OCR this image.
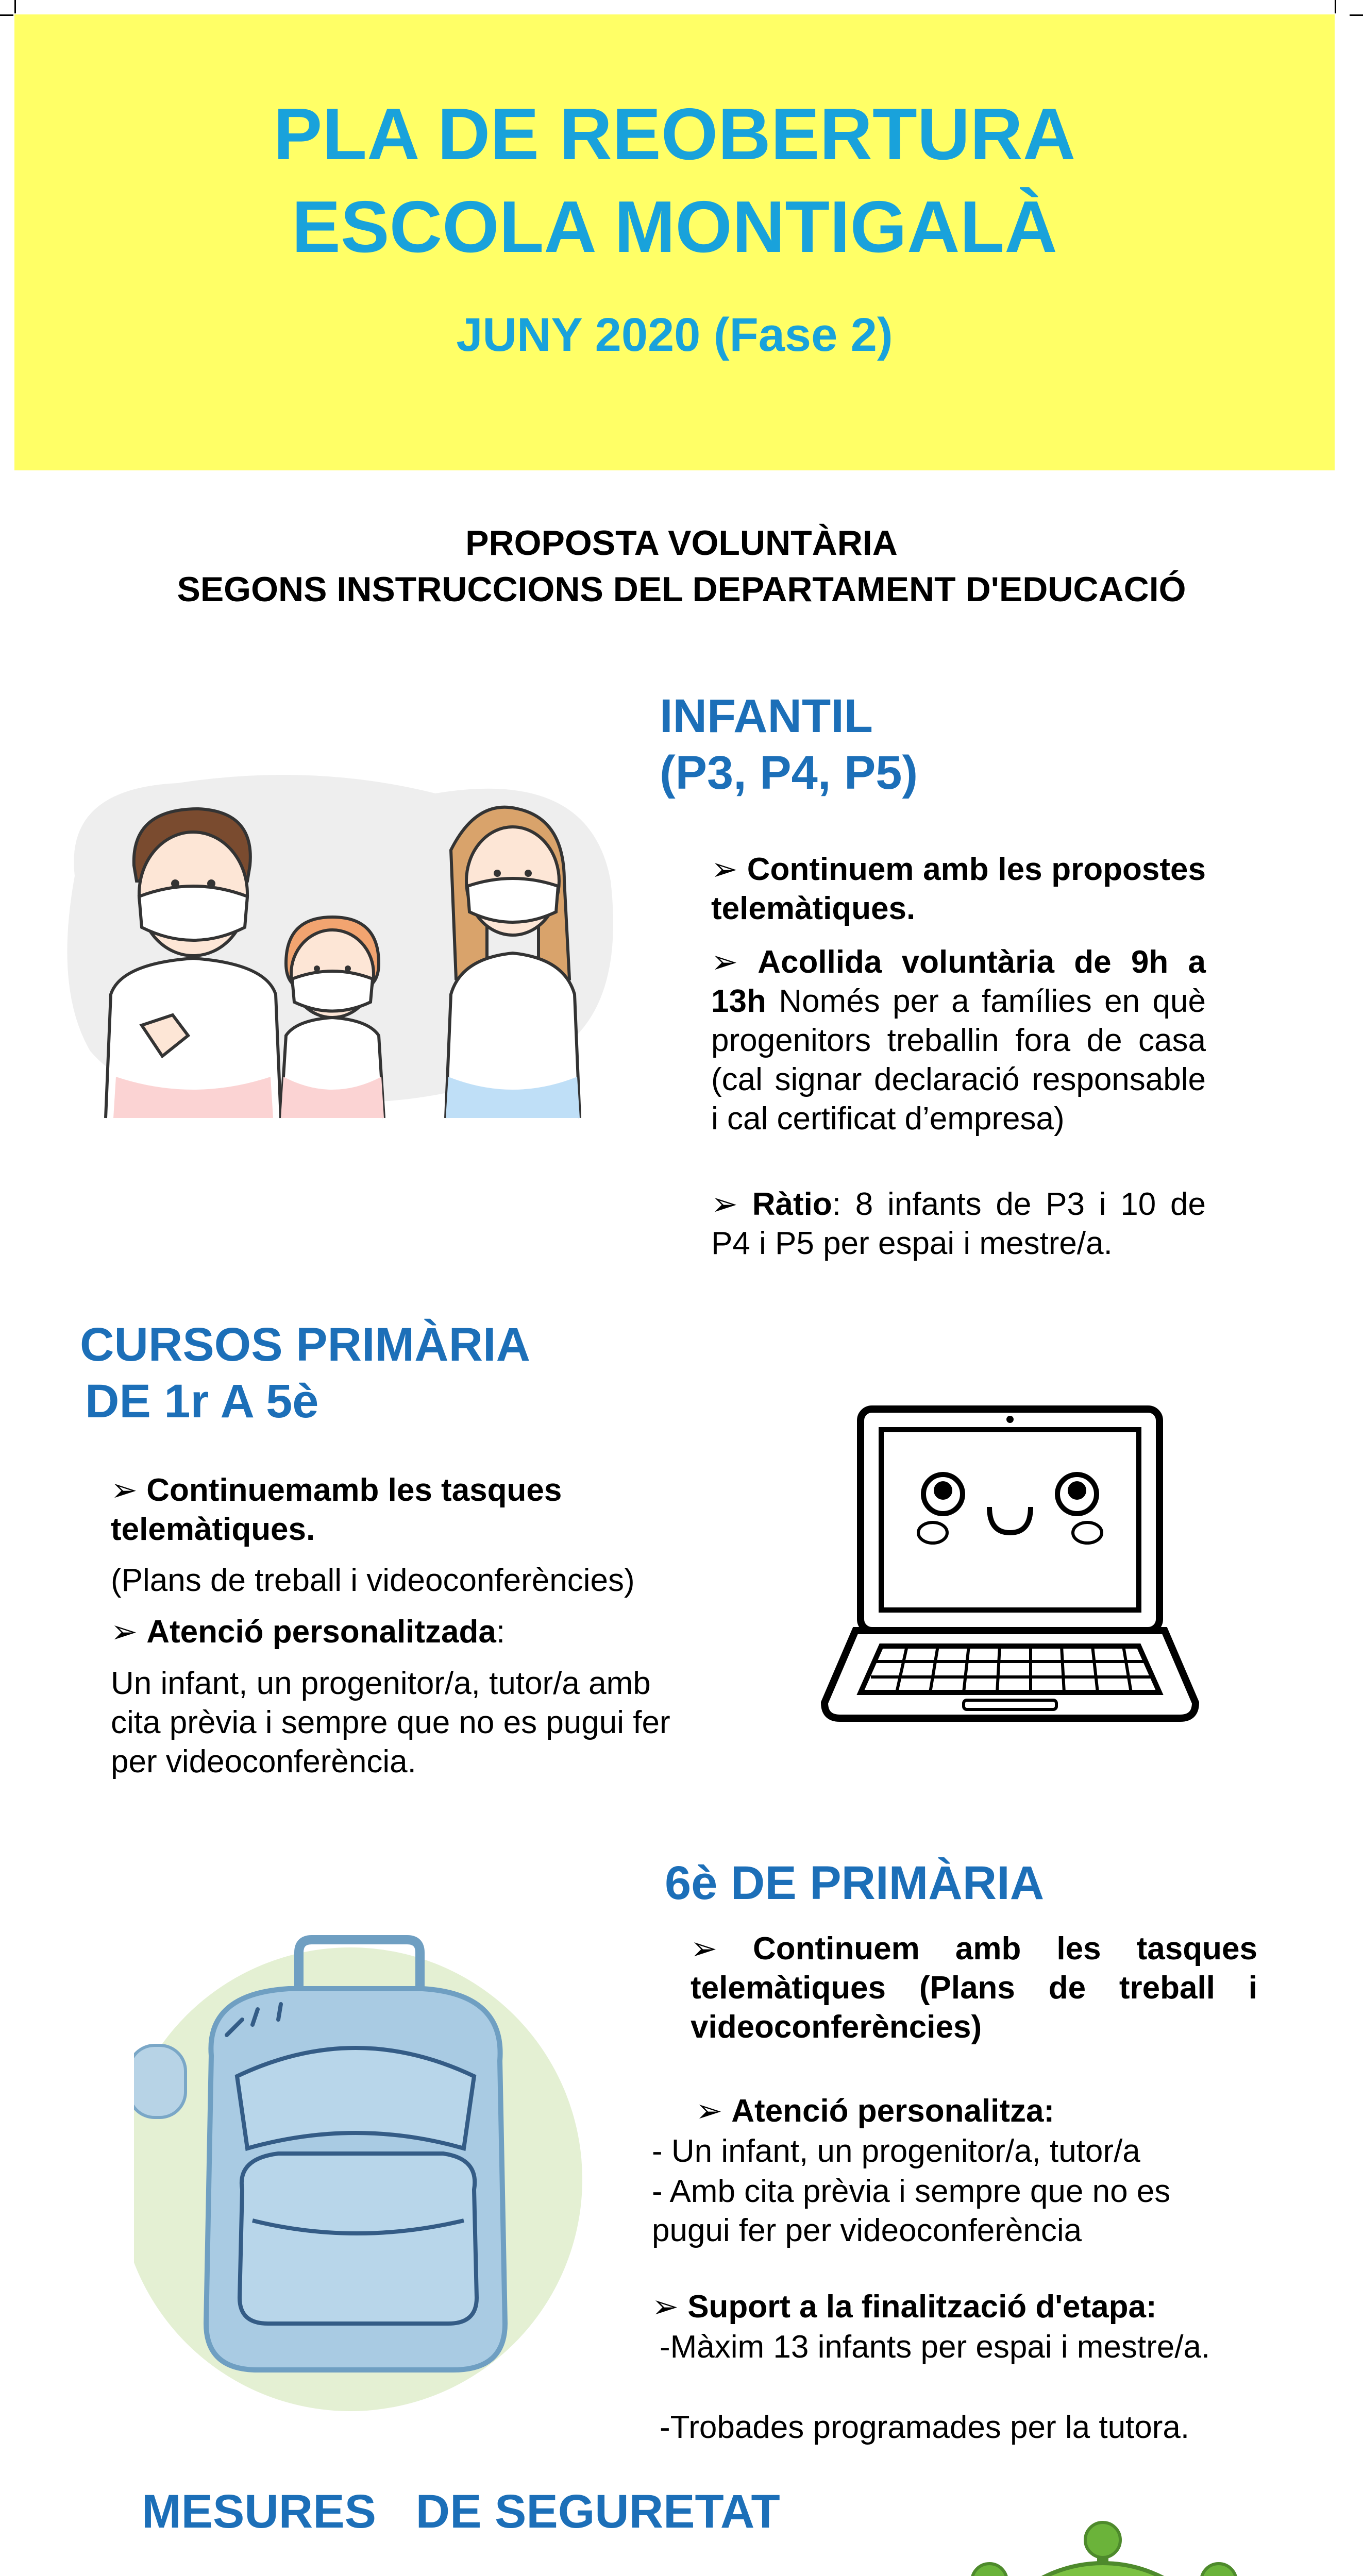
PLA DE REOBERTURA
ESCOLA MONTIGALÀ
JUNY 2020 (Fase 2)
PROPOSTA VOLUNTÀRIA
SEGONS INSTRUCCIONS DEL DEPARTAMENT D'EDUCACIÓ
INFANTIL
(P3, P4, P5)
➢ Continuem amb les propostes telemàtiques.
➢ Acollida voluntària de 9h a 13h Només per a famílies en què progenitors treballin fora de casa (cal signar declaració responsable i cal certificat d’empresa)
➢ Ràtio: 8 infants de P3 i 10 de P4 i P5 per espai i mestre/a.
CURSOS PRIMÀRIA
DE 1r A 5è
➢ Continuemamb les tasques telemàtiques.
(Plans de treball i videoconferències)
➢ Atenció personalitzada:
Un infant, un progenitor/a, tutor/a amb cita prèvia i sempre que no es pugui fer per videoconferència.
6è DE PRIMÀRIA
➢ Continuem amb les tasques telemàtiques (Plans de treball i videoconferències)
➢ Atenció personalitza:
- Un infant, un progenitor/a, tutor/a
- Amb cita prèvia i sempre que no es pugui fer per videoconferència
➢ Suport a la finalització d'etapa:
-Màxim 13 infants per espai i mestre/a.
-Trobades programades per la tutora.
MESURES   DE SEGURETAT
